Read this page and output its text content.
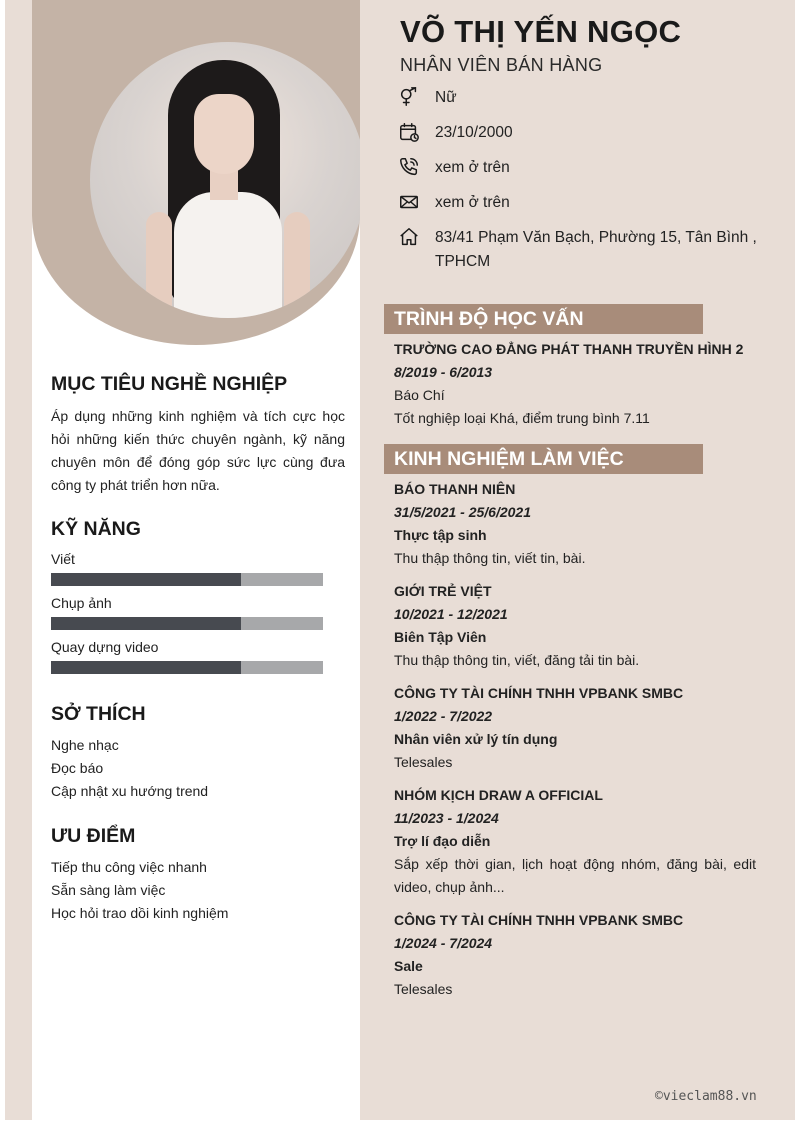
VÕ THỊ YẾN NGỌC
NHÂN VIÊN BÁN HÀNG
Nữ
23/10/2000
xem ở trên
xem ở trên
83/41 Phạm Văn Bạch, Phường 15, Tân Bình , TPHCM
MỤC TIÊU NGHỀ NGHIỆP
Áp dụng những kinh nghiệm và tích cực học hỏi những kiến thức chuyên ngành, kỹ năng chuyên môn để đóng góp sức lực cùng đưa công ty phát triển hơn nữa.
KỸ NĂNG
Viết
Chụp ảnh
Quay dựng video
SỞ THÍCH
Nghe nhạc
Đọc báo
Cập nhật xu hướng trend
ƯU ĐIỂM
Tiếp thu công việc nhanh
Sẵn sàng làm việc
Học hỏi trao dồi kinh nghiệm
TRÌNH ĐỘ HỌC VẤN
TRƯỜNG CAO ĐẲNG PHÁT THANH TRUYỀN HÌNH 2
8/2019 - 6/2013
Báo Chí
Tốt nghiệp loại Khá, điểm trung bình 7.11
KINH NGHIỆM LÀM VIỆC
BÁO THANH NIÊN
31/5/2021 - 25/6/2021
Thực tập sinh
Thu thập thông tin, viết tin, bài.
GIỚI TRẺ VIỆT
10/2021 - 12/2021
Biên Tập Viên
Thu thập thông tin, viết, đăng tải tin bài.
CÔNG TY TÀI CHÍNH TNHH VPBANK SMBC
1/2022 - 7/2022
Nhân viên xử lý tín dụng
Telesales
NHÓM KỊCH DRAW A OFFICIAL
11/2023 - 1/2024
Trợ lí đạo diễn
Sắp xếp thời gian, lịch hoạt động nhóm, đăng bài, edit video, chụp ảnh...
CÔNG TY TÀI CHÍNH TNHH VPBANK SMBC
1/2024 - 7/2024
Sale
Telesales
©vieclam88.vn
